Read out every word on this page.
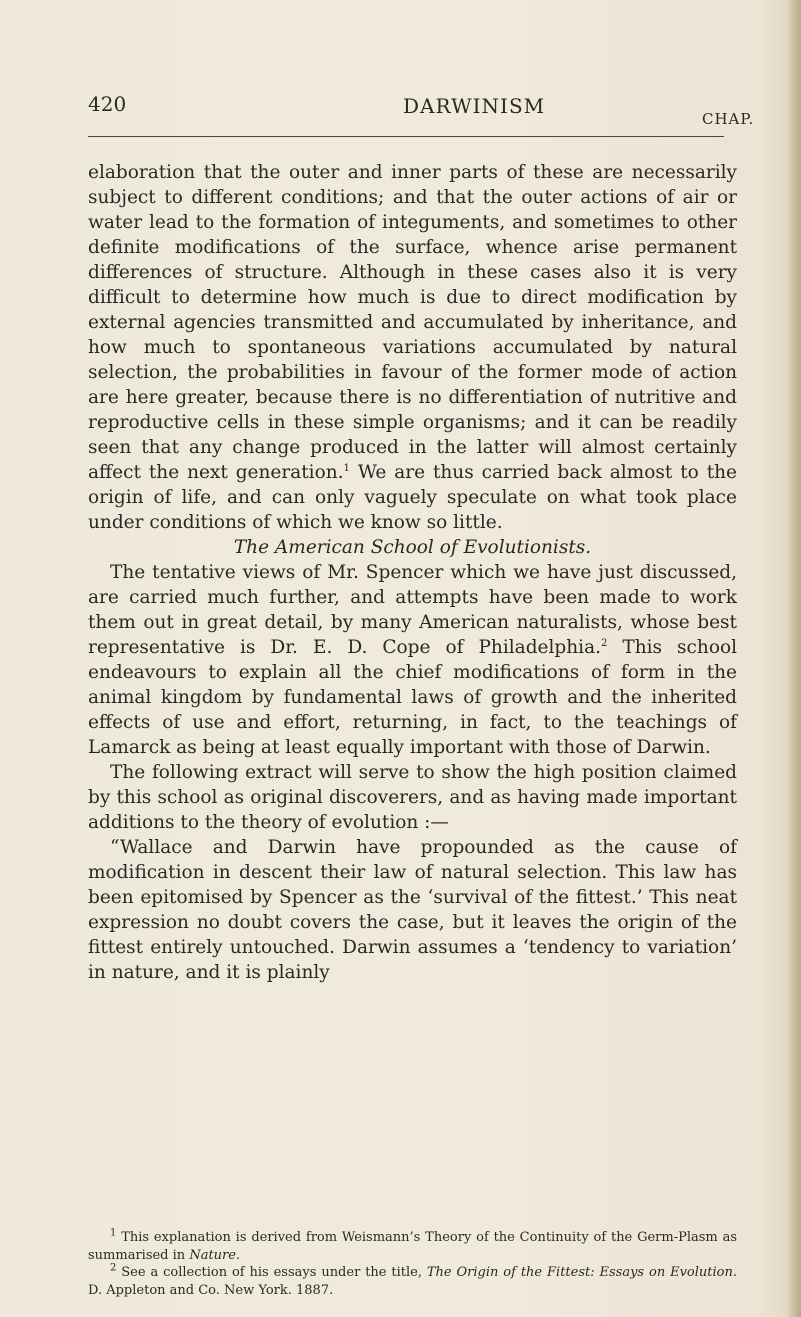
420	DARWINISM
CHAP.

elaboration that the outer and inner parts of these are necessarily subject to different conditions; and that the outer actions of air or water lead to the formation of integuments, and sometimes to other definite modifications of the surface, whence arise permanent differences of structure. Although in these cases also it is very difficult to determine how much is due to direct modification by external agencies transmitted and accumulated by inheritance, and how much to spontaneous variations accumulated by natural selection, the probabilities in favour of the former mode of action are here greater, because there is no differentiation of nutritive and reproductive cells in these simple organisms; and it can be readily seen that any change produced in the latter will almost certainly affect the next generation.$^1$ We are thus carried back almost to the origin of life, and can only vaguely speculate on what took place under conditions of which we know so little.

The American School of Evolutionists.

The tentative views of Mr. Spencer which we have just discussed, are carried much further, and attempts have been made to work them out in great detail, by many American naturalists, whose best representative is Dr. E. D. Cope of Philadelphia.$^2$ This school endeavours to explain all the chief modifications of form in the animal kingdom by fundamental laws of growth and the inherited effects of use and effort, returning, in fact, to the teachings of Lamarck as being at least equally important with those of Darwin.

The following extract will serve to show the high position claimed by this school as original discoverers, and as having made important additions to the theory of evolution :—

“Wallace and Darwin have propounded as the cause of modification in descent their law of natural selection. This law has been epitomised by Spencer as the ‘survival of the fittest.’ This neat expression no doubt covers the case, but it leaves the origin of the fittest entirely untouched. Darwin assumes a ‘tendency to variation’ in nature, and it is plainly

$^1$ This explanation is derived from Weismann’s Theory of the Continuity of the Germ-Plasm as summarised in Nature.

$^2$ See a collection of his essays under the title, The Origin of the Fittest: Essays on Evolution. D. Appleton and Co. New York. 1887.
